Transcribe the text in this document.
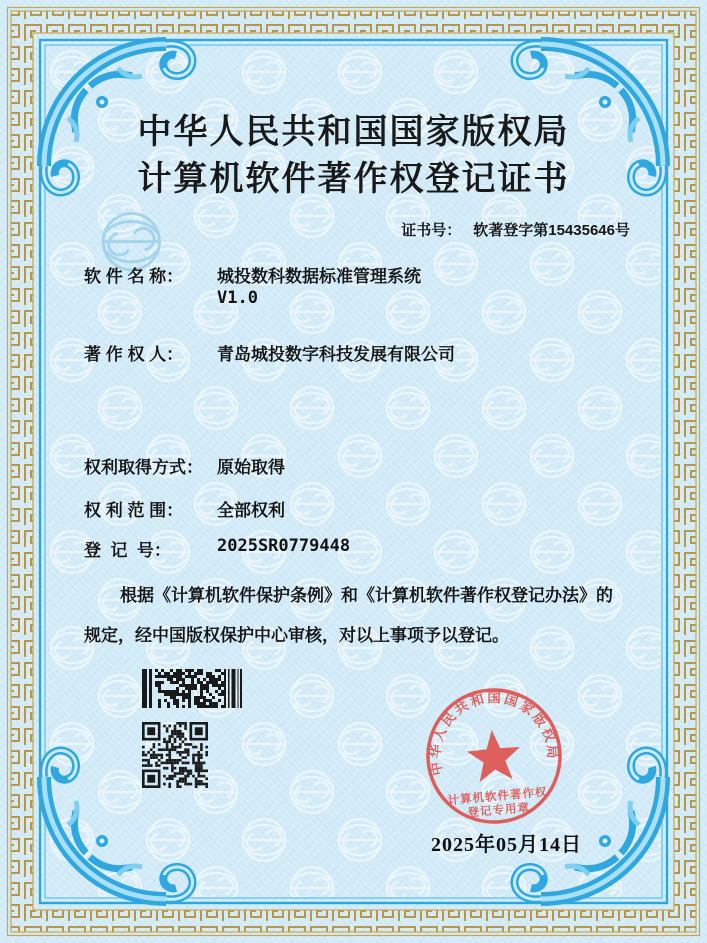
中华人民共和国国家版权局
计算机软件著作权登记证书
证书号： 软著登字第15435646号
软 件 名 称： 城投数科数据标准管理系统
V1.0
著 作 权 人： 青岛城投数字科技发展有限公司
权利取得方式： 原始取得
权 利 范 围： 全部权利
登  记  号：	2025SR0779448
根据《计算机软件保护条例》和《计算机软件著作权登记办法》的
规定，经中国版权保护中心审核，对以上事项予以登记。
2025年05月14日
中华人民共和国国家版权局
计算机软件著作权
登记专用章
